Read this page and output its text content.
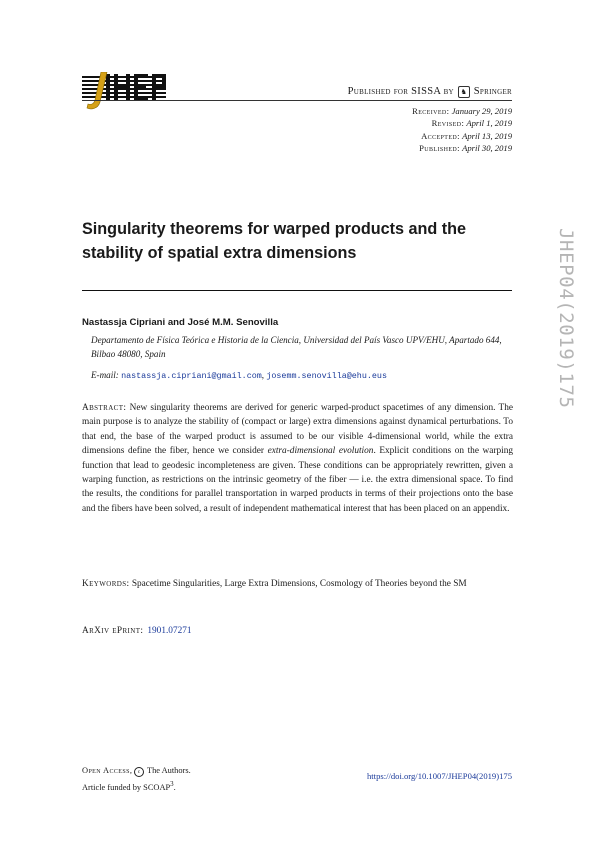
Published for SISSA by ♞ Springer
Received: January 29, 2019
Revised: April 1, 2019
Accepted: April 13, 2019
Published: April 30, 2019
Singularity theorems for warped products and the stability of spatial extra dimensions
Nastassja Cipriani and José M.M. Senovilla
Departamento de Física Teórica e Historia de la Ciencia, Universidad del País Vasco UPV/EHU, Apartado 644, Bilbao 48080, Spain
E-mail: nastassja.cipriani@gmail.com, josemm.senovilla@ehu.eus

Abstract: New singularity theorems are derived for generic warped-product spacetimes of any dimension. The main purpose is to analyze the stability of (compact or large) extra dimensions against dynamical perturbations. To that end, the base of the warped product is assumed to be our visible 4-dimensional world, while the extra dimensions define the fiber, hence we consider extra-dimensional evolution. Explicit conditions on the warping function that lead to geodesic incompleteness are given. These conditions can be appropriately rewritten, given a warping function, as restrictions on the intrinsic geometry of the fiber — i.e. the extra dimensional space. To find the results, the conditions for parallel transportation in warped products in terms of their projections onto the base and the fibers have been solved, a result of independent mathematical interest that has been placed on an appendix.

Keywords: Spacetime Singularities, Large Extra Dimensions, Cosmology of Theories beyond the SM

ArXiv ePrint: 1901.07271
Open Access, c The Authors.
Article funded by SCOAP$^3$.
https://doi.org/10.1007/JHEP04(2019)175
JHEP04(2019)175
